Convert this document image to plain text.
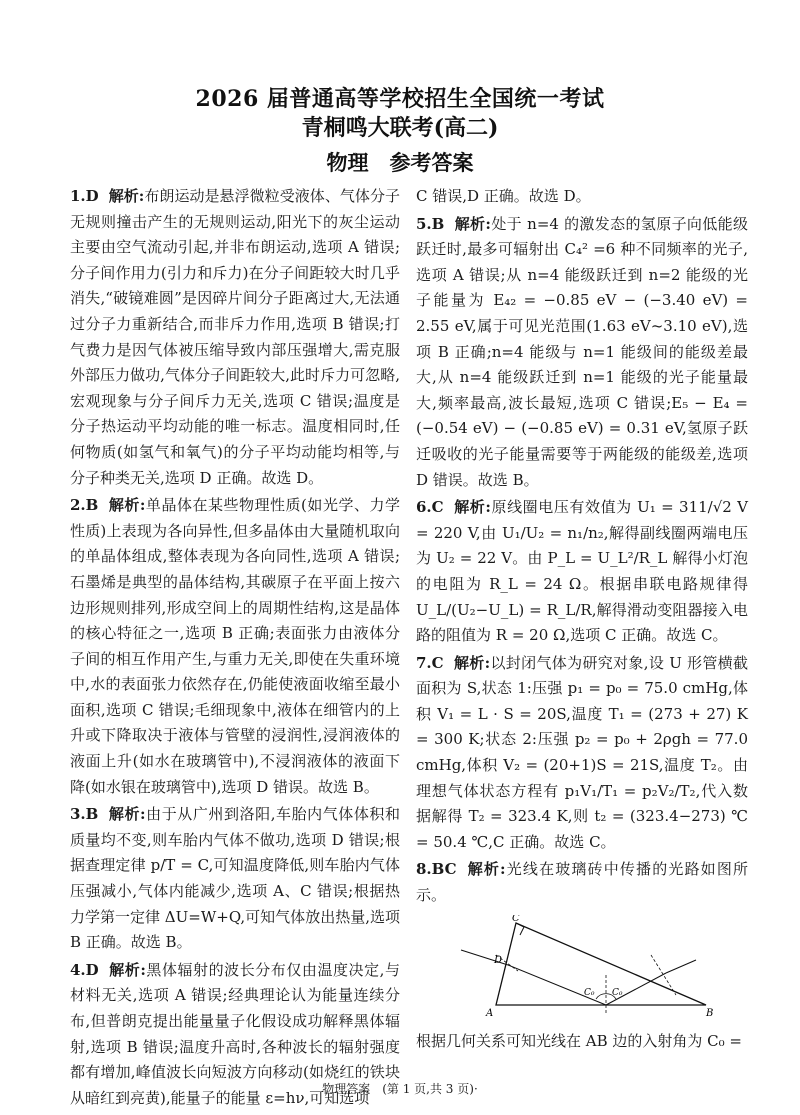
2026 届普通高等学校招生全国统一考试
青桐鸣大联考(高二)
物理　参考答案

1.D 解析:布朗运动是悬浮微粒受液体、气体分子无规则撞击产生的无规则运动,阳光下的灰尘运动主要由空气流动引起,并非布朗运动,选项 A 错误;分子间作用力(引力和斥力)在分子间距较大时几乎消失,“破镜难圆”是因碎片间分子距离过大,无法通过分子力重新结合,而非斥力作用,选项 B 错误;打气费力是因气体被压缩导致内部压强增大,需克服外部压力做功,气体分子间距较大,此时斥力可忽略,宏观现象与分子间斥力无关,选项 C 错误;温度是分子热运动平均动能的唯一标志。温度相同时,任何物质(如氢气和氧气)的分子平均动能均相等,与分子种类无关,选项 D 正确。故选 D。

2.B 解析:单晶体在某些物理性质(如光学、力学性质)上表现为各向异性,但多晶体由大量随机取向的单晶体组成,整体表现为各向同性,选项 A 错误;石墨烯是典型的晶体结构,其碳原子在平面上按六边形规则排列,形成空间上的周期性结构,这是晶体的核心特征之一,选项 B 正确;表面张力由液体分子间的相互作用产生,与重力无关,即使在失重环境中,水的表面张力依然存在,仍能使液面收缩至最小面积,选项 C 错误;毛细现象中,液体在细管内的上升或下降取决于液体与管壁的浸润性,浸润液体的液面上升(如水在玻璃管中),不浸润液体的液面下降(如水银在玻璃管中),选项 D 错误。故选 B。

3.B 解析:由于从广州到洛阳,车胎内气体体积和质量均不变,则车胎内气体不做功,选项 D 错误;根据查理定律 p/T = C,可知温度降低,则车胎内气体压强减小,气体内能减少,选项 A、C 错误;根据热力学第一定律 ΔU=W+Q,可知气体放出热量,选项 B 正确。故选 B。

4.D 解析:黑体辐射的波长分布仅由温度决定,与材料无关,选项 A 错误;经典理论认为能量连续分布,但普朗克提出能量量子化假设成功解释黑体辐射,选项 B 错误;温度升高时,各种波长的辐射强度都有增加,峰值波长向短波方向移动(如烧红的铁块从暗红到亮黄),能量子的能量 ε=hν,可知选项

C 错误,D 正确。故选 D。

5.B 解析:处于 n=4 的激发态的氢原子向低能级跃迁时,最多可辐射出 C₄² =6 种不同频率的光子,选项 A 错误;从 n=4 能级跃迁到 n=2 能级的光子能量为 E₄₂ = −0.85 eV − (−3.40 eV) = 2.55 eV,属于可见光范围(1.63 eV~3.10 eV),选项 B 正确;n=4 能级与 n=1 能级间的能级差最大,从 n=4 能级跃迁到 n=1 能级的光子能量最大,频率最高,波长最短,选项 C 错误;E₅ − E₄ = (−0.54 eV) − (−0.85 eV) = 0.31 eV,氢原子跃迁吸收的光子能量需要等于两能级的能级差,选项 D 错误。故选 B。

6.C 解析:原线圈电压有效值为 U₁ = 311/√2 V = 220 V,由 U₁/U₂ = n₁/n₂,解得副线圈两端电压为 U₂ = 22 V。由 P_L = U_L²/R_L 解得小灯泡的电阻为 R_L = 24 Ω。根据串联电路规律得 U_L/(U₂−U_L) = R_L/R,解得滑动变阻器接入电路的阻值为 R = 20 Ω,选项 C 正确。故选 C。

7.C 解析:以封闭气体为研究对象,设 U 形管横截面积为 S,状态 1:压强 p₁ = p₀ = 75.0 cmHg,体积 V₁ = L · S = 20S,温度 T₁ = (273 + 27) K = 300 K;状态 2:压强 p₂ = p₀ + 2ρgh = 77.0 cmHg,体积 V₂ = (20+1)S = 21S,温度 T₂。由理想气体状态方程有 p₁V₁/T₁ = p₂V₂/T₂,代入数据解得 T₂ = 323.4 K,则 t₂ = (323.4−273) ℃ = 50.4 ℃,C 正确。故选 C。

8.BC 解析:光线在玻璃砖中传播的光路如图所示。

C
D
A	B
C₀ C₀

根据几何关系可知光线在 AB 边的入射角为 C₀ =

物理答案　(第 1 页,共 3 页)·
